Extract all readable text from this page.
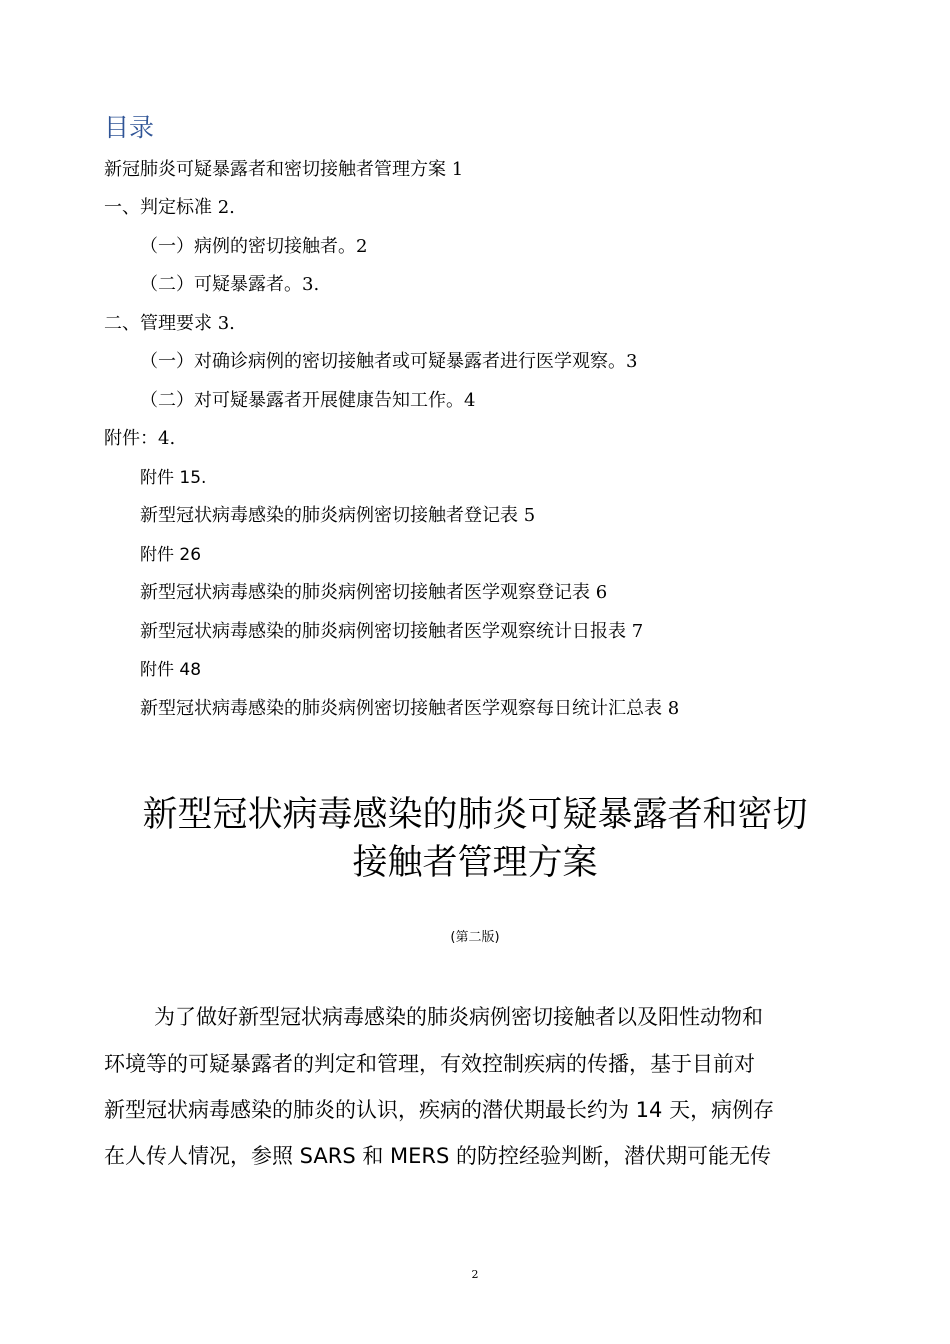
目录
新冠肺炎可疑暴露者和密切接触者管理方案 1
一、判定标准 2.
（一）病例的密切接触者。2
（二）可疑暴露者。3.
二、管理要求 3.
（一）对确诊病例的密切接触者或可疑暴露者进行医学观察。3
（二）对可疑暴露者开展健康告知工作。4
附件：4.
附件 15.
新型冠状病毒感染的肺炎病例密切接触者登记表 5
附件 26
新型冠状病毒感染的肺炎病例密切接触者医学观察登记表 6
新型冠状病毒感染的肺炎病例密切接触者医学观察统计日报表 7
附件 48
新型冠状病毒感染的肺炎病例密切接触者医学观察每日统计汇总表 8
新型冠状病毒感染的肺炎可疑暴露者和密切
接触者管理方案
(第二版)
为了做好新型冠状病毒感染的肺炎病例密切接触者以及阳性动物和
环境等的可疑暴露者的判定和管理，有效控制疾病的传播，基于目前对
新型冠状病毒感染的肺炎的认识，疾病的潜伏期最长约为 14 天，病例存
在人传人情况，参照 SARS 和 MERS 的防控经验判断，潜伏期可能无传
2
